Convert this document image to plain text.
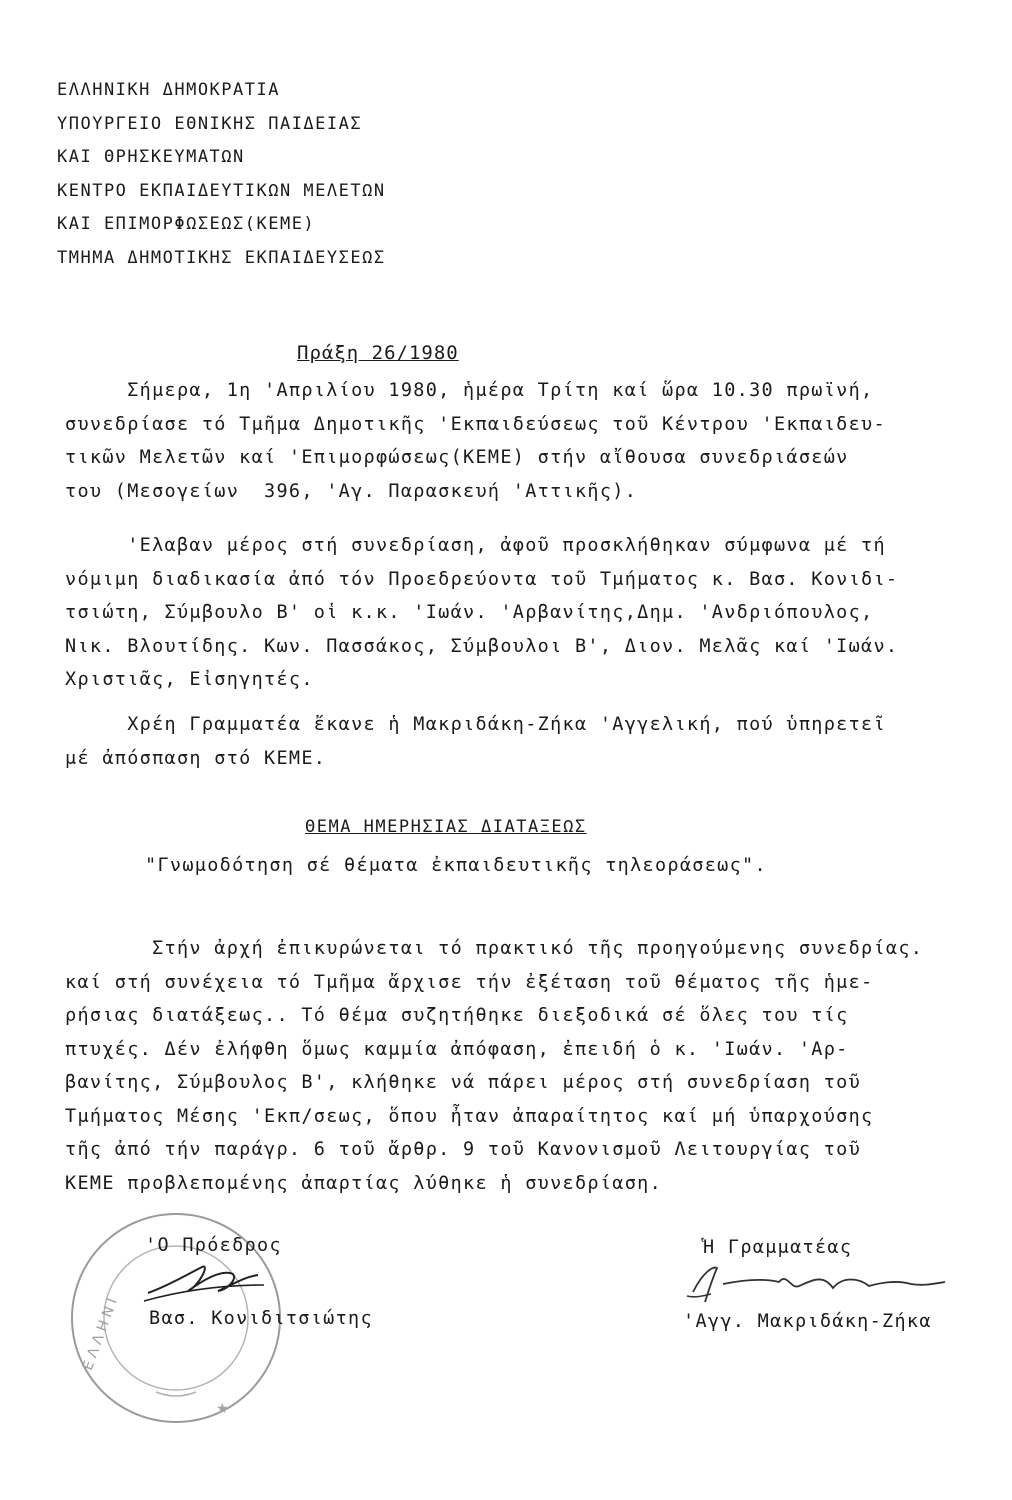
ΕΛΛΗΝΙΚΗ ΔΗΜΟΚΡΑΤΙΑ
ΥΠΟΥΡΓΕΙΟ ΕΘΝΙΚΗΣ ΠΑΙΔΕΙΑΣ
ΚΑΙ ΘΡΗΣΚΕΥΜΑΤΩΝ
ΚΕΝΤΡΟ ΕΚΠΑΙΔΕΥΤΙΚΩΝ ΜΕΛΕΤΩΝ
ΚΑΙ ΕΠΙΜΟΡΦΩΣΕΩΣ(ΚΕΜΕ)
ΤΜΗΜΑ ΔΗΜΟΤΙΚΗΣ ΕΚΠΑΙΔΕΥΣΕΩΣ
Πράξη 26/1980
Σήμερα, 1η 'Απριλίου 1980, ἡμέρα Τρίτη καί ὥρα 10.30 πρωϊνή,
συνεδρίασε τό Τμῆμα Δημοτικῆς 'Εκπαιδεύσεως τοῦ Κέντρου 'Εκπαιδευ-
τικῶν Μελετῶν καί 'Επιμορφώσεως(ΚΕΜΕ) στήν αἴθουσα συνεδριάσεών
του (Μεσογείων  396, 'Αγ. Παρασκευή 'Αττικῆς).
'Ελαβαν μέρος στή συνεδρίαση, ἀφοῦ προσκλήθηκαν σύμφωνα μέ τή
νόμιμη διαδικασία ἀπό τόν Προεδρεύοντα τοῦ Τμήματος κ. Βασ. Κονιδι-
τσιώτη, Σύμβουλο Β' οἱ κ.κ. 'Ιωάν. 'Αρβανίτης,Δημ. 'Ανδριόπουλος,
Νικ. Βλουτίδης. Κων. Πασσάκος, Σύμβουλοι Β', Διον. Μελᾶς καί 'Ιωάν.
Χριστιᾶς, Εἰσηγητές.
Χρέη Γραμματέα ἔκανε ἡ Μακριδάκη-Ζήκα 'Αγγελική, πού ὑπηρετεῖ
μέ ἀπόσπαση στό ΚΕΜΕ.
ΘΕΜΑ ΗΜΕΡΗΣΙΑΣ ΔΙΑΤΑΞΕΩΣ
"Γνωμοδότηση σέ θέματα ἐκπαιδευτικῆς τηλεοράσεως".
Στήν ἀρχή ἐπικυρώνεται τό πρακτικό τῆς προηγούμενης συνεδρίας.
καί στή συνέχεια τό Τμῆμα ἄρχισε τήν ἐξέταση τοῦ θέματος τῆς ἡμε-
ρήσιας διατάξεως.. Τό θέμα συζητήθηκε διεξοδικά σέ ὅλες του τίς
πτυχές. Δέν ἐλήφθη ὅμως καμμία ἀπόφαση, ἐπειδή ὁ κ. 'Ιωάν. 'Αρ-
βανίτης, Σύμβουλος Β', κλήθηκε νά πάρει μέρος στή συνεδρίαση τοῦ
Τμήματος Μέσης 'Εκπ/σεως, ὅπου ἦταν ἀπαραίτητος καί μή ὑπαρχούσης
τῆς ἀπό τήν παράγρ. 6 τοῦ ἄρθρ. 9 τοῦ Κανονισμοῦ Λειτουργίας τοῦ
ΚΕΜΕ προβλεπομένης ἀπαρτίας λύθηκε ἡ συνεδρίαση.
Ε Λ Λ Η Ν Ι
★
'Ο Πρόεδρος
Βασ. Κονιδιτσιώτης
Ἡ Γραμματέας
'Αγγ. Μακριδάκη-Ζήκα
